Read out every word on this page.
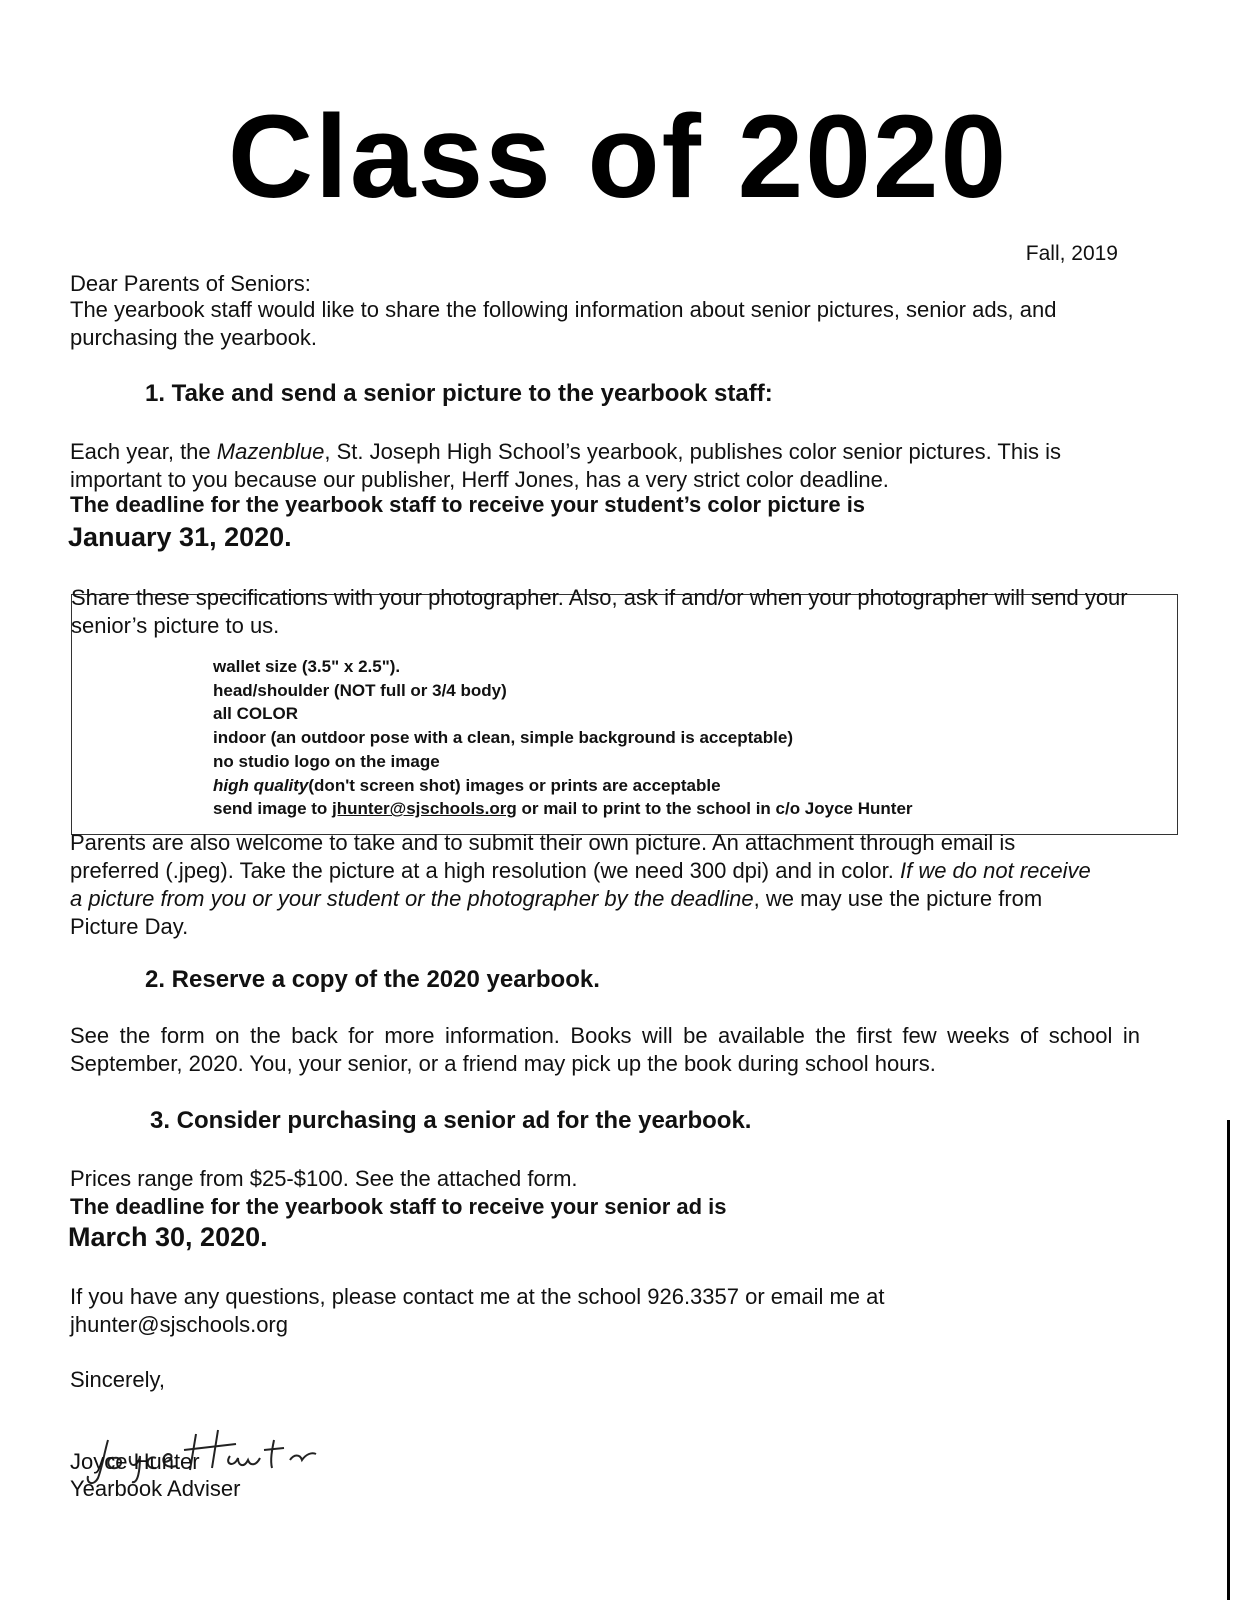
Class of 2020
Fall, 2019
Dear Parents of Seniors:
The yearbook staff would like to share the following information about senior pictures, senior ads, and purchasing the yearbook.
1. Take and send a senior picture to the yearbook staff:
Each year, the Mazenblue, St. Joseph High School’s yearbook, publishes color senior pictures. This is important to you because our publisher, Herff Jones, has a very strict color deadline.
The deadline for the yearbook staff to receive your student’s color picture is
January 31, 2020.
Share these specifications with your photographer. Also, ask if and/or when your photographer will send your senior’s picture to us.
wallet size (3.5" x 2.5").
head/shoulder (NOT full or 3/4 body)
all COLOR
indoor (an outdoor pose with a clean, simple background is acceptable)
no studio logo on the image
high quality(don't screen shot) images or prints are acceptable
send image to jhunter@sjschools.org or mail to print to the school in c/o Joyce Hunter
Parents are also welcome to take and to submit their own picture. An attachment through email is preferred (.jpeg). Take the picture at a high resolution (we need 300 dpi) and in color. If we do not receive a picture from you or your student or the photographer by the deadline, we may use the picture from Picture Day.
2. Reserve a copy of the 2020 yearbook.
See the form on the back for more information. Books will be available the first few weeks of school in September, 2020. You, your senior, or a friend may pick up the book during school hours.
3. Consider purchasing a senior ad for the yearbook.
Prices range from $25-$100. See the attached form.
The deadline for the yearbook staff to receive your senior ad is
March 30, 2020.
If you have any questions, please contact me at the school 926.3357 or email me at jhunter@sjschools.org
Sincerely,
Joyce Hunter
Yearbook Adviser
